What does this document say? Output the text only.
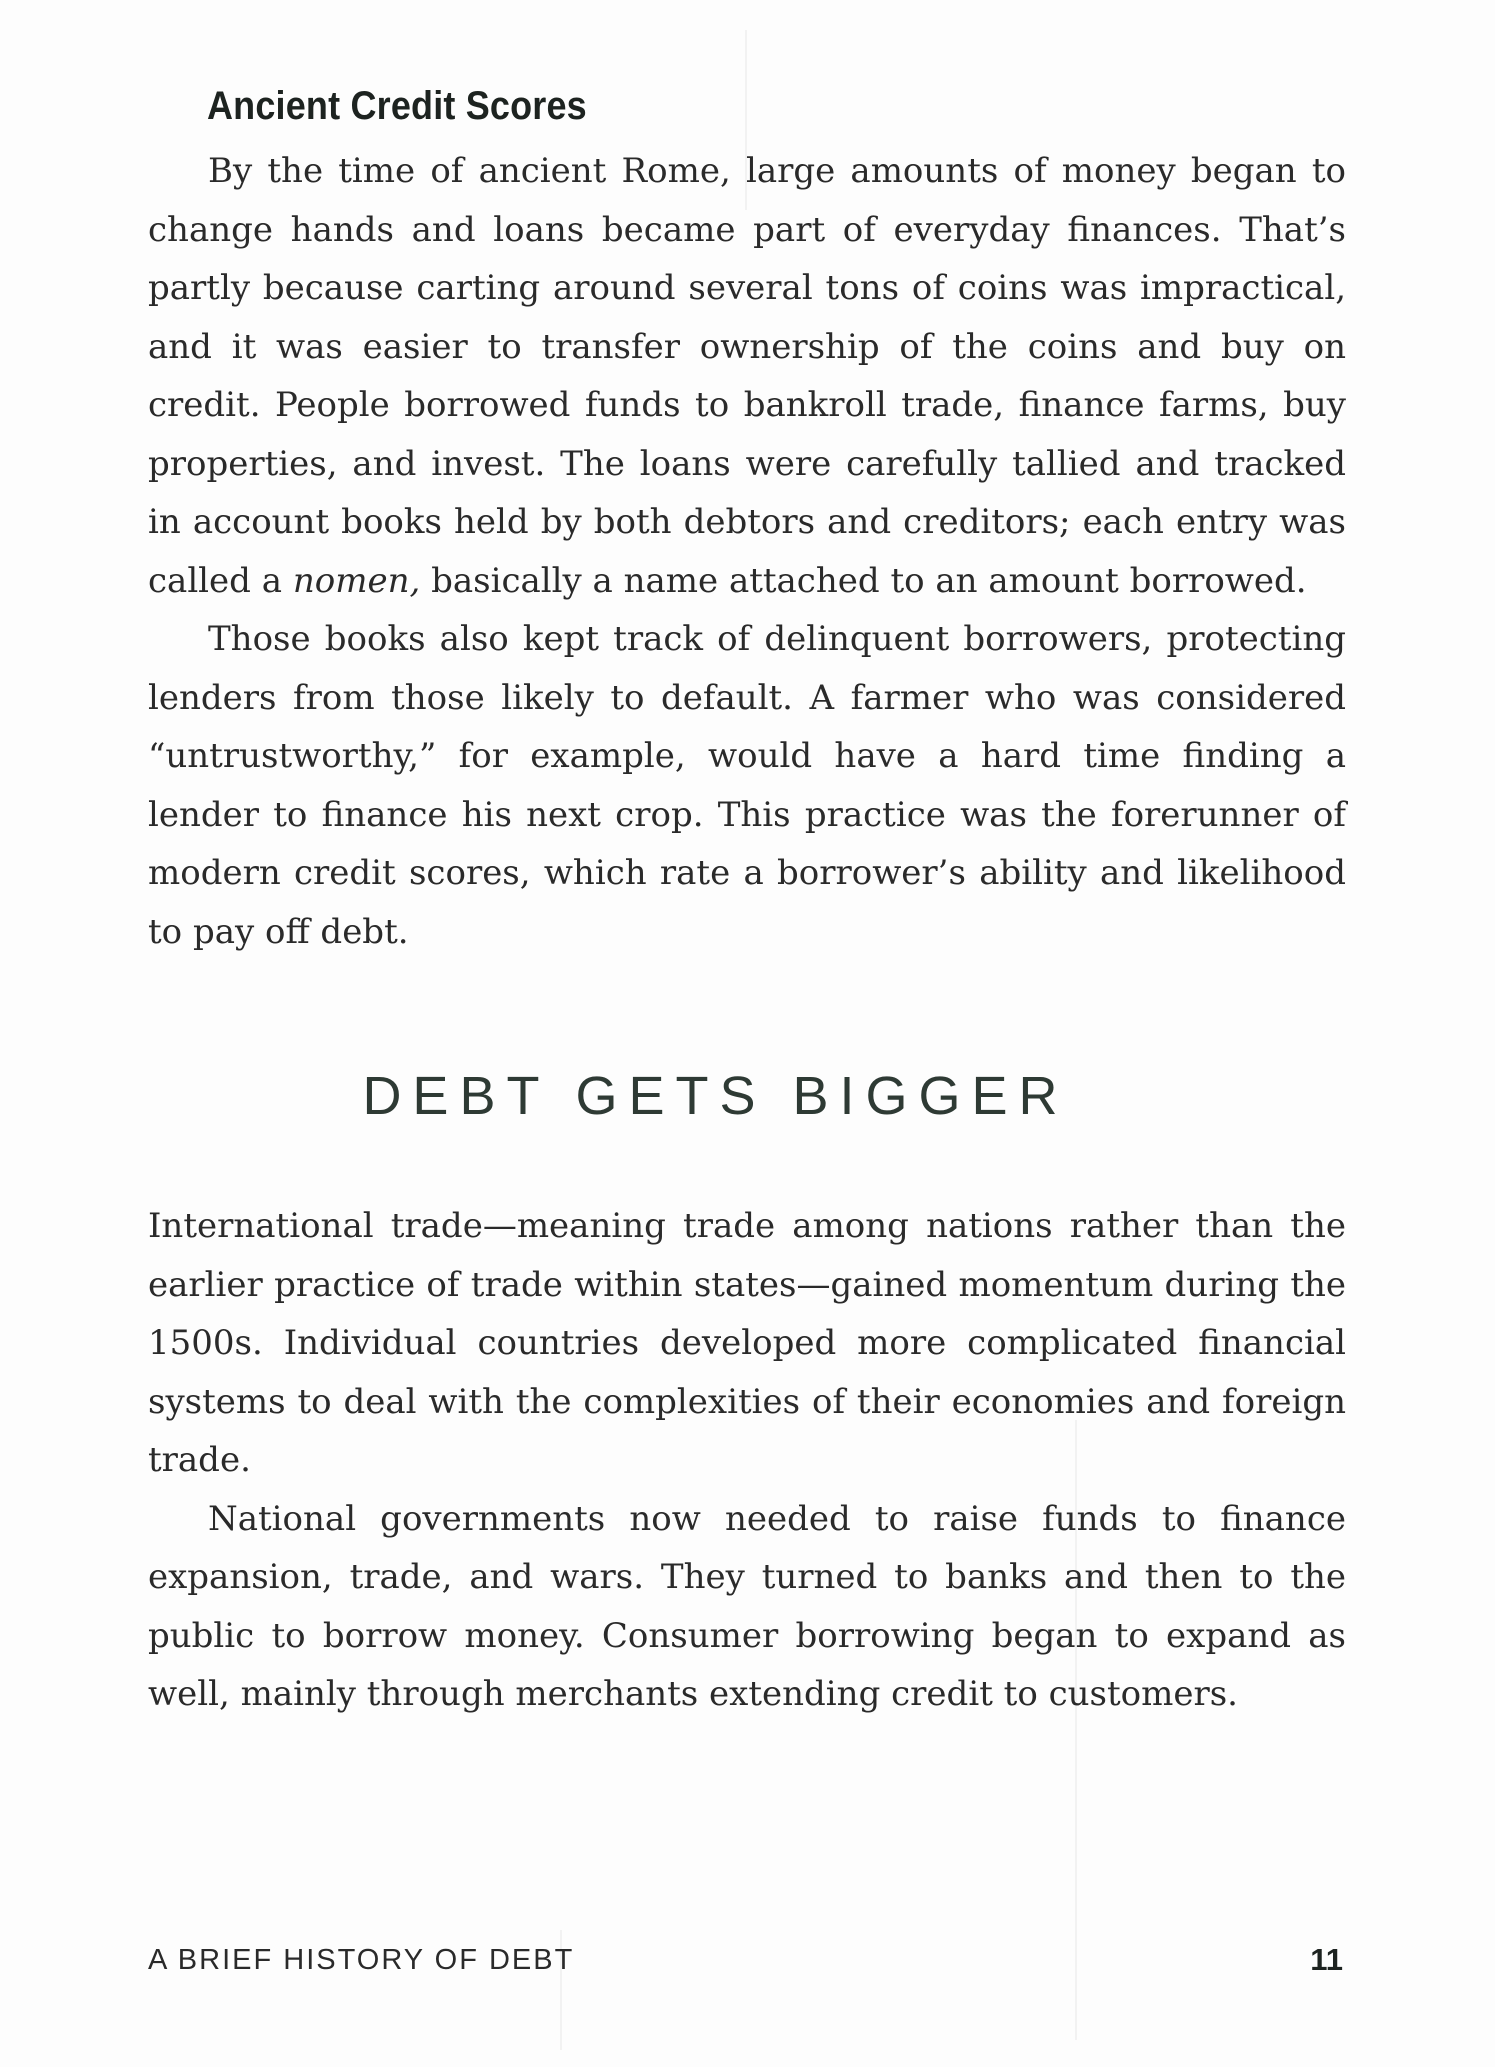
Ancient Credit Scores

By the time of ancient Rome, large amounts of money began to change hands and loans became part of everyday finances. That’s partly because carting around several tons of coins was impractical, and it was easier to transfer ownership of the coins and buy on credit. People borrowed funds to bankroll trade, finance farms, buy properties, and invest. The loans were carefully tallied and tracked in account books held by both debtors and creditors; each entry was called a nomen, basically a name attached to an amount borrowed.

Those books also kept track of delinquent borrowers, protecting lenders from those likely to default. A farmer who was considered “untrustworthy,” for example, would have a hard time finding a lender to finance his next crop. This practice was the forerunner of modern credit scores, which rate a borrower’s ability and likelihood to pay off debt.

DEBT GETS BIGGER

International trade—meaning trade among nations rather than the earlier practice of trade within states—gained momentum during the 1500s. Individual countries developed more complicated financial systems to deal with the complexities of their economies and foreign trade.

National governments now needed to raise funds to finance expansion, trade, and wars. They turned to banks and then to the public to borrow money. Consumer borrowing began to expand as well, mainly through merchants extending credit to customers.

A BRIEF HISTORY OF DEBT	11
